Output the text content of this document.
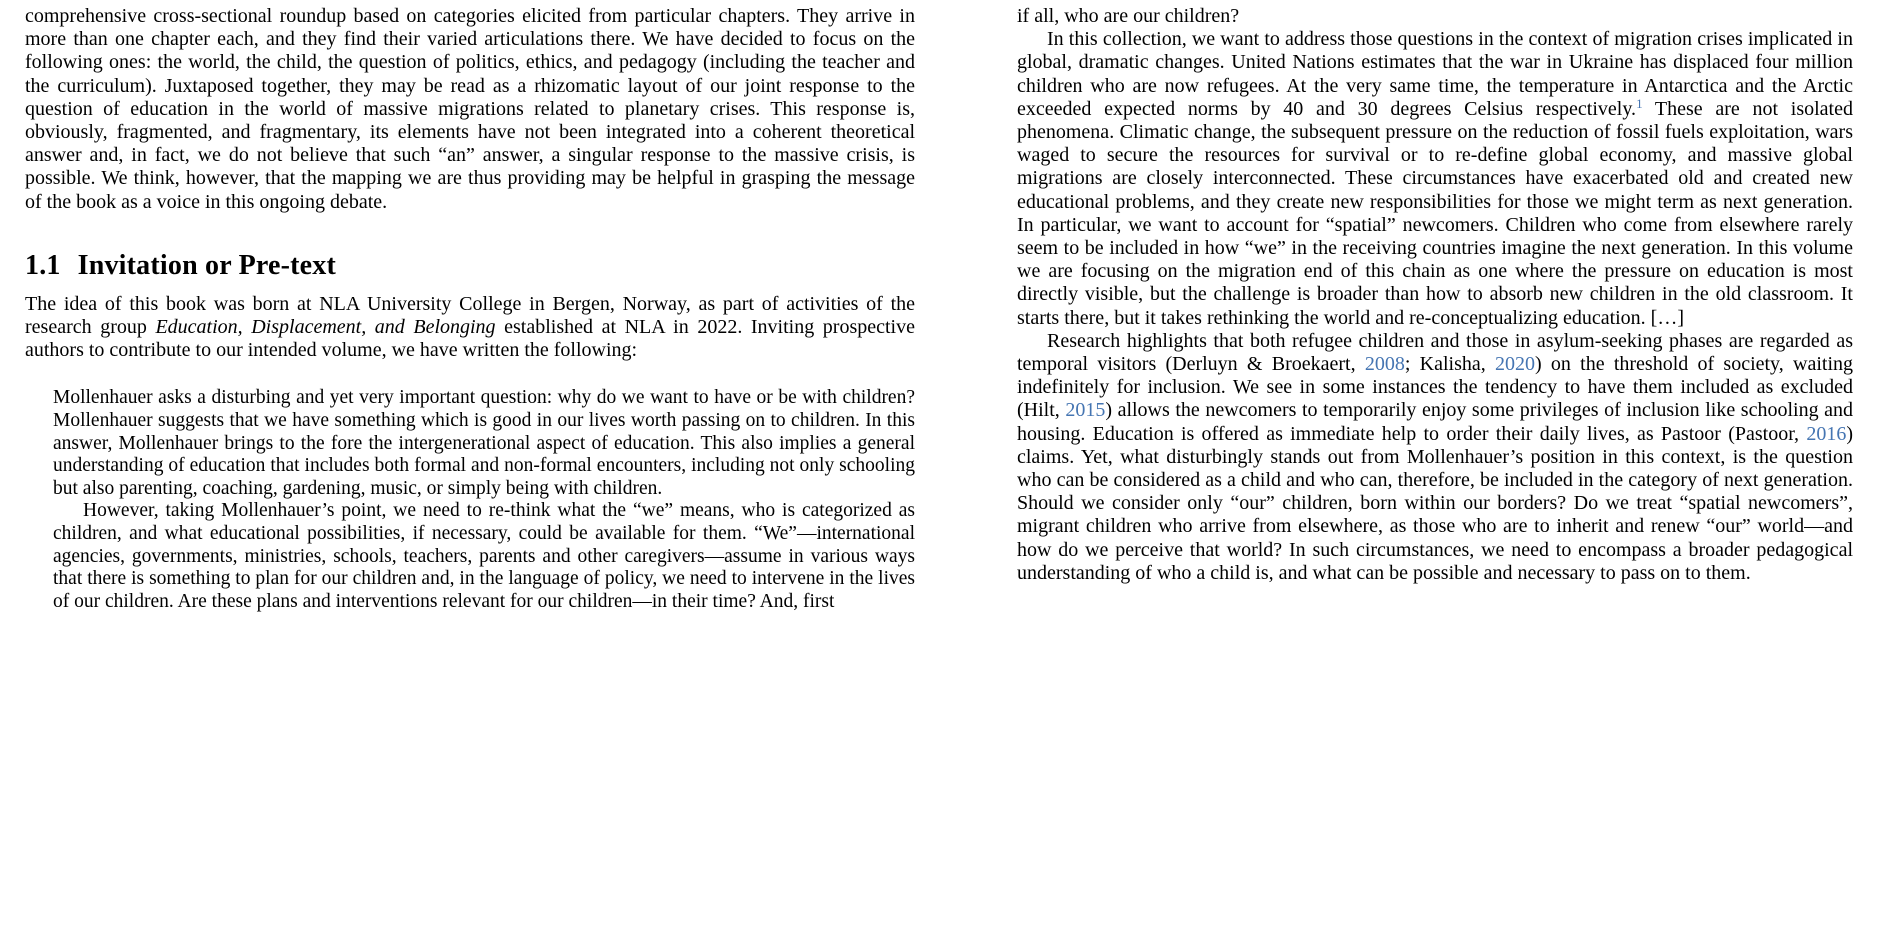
comprehensive cross-sectional roundup based on categories elicited from particular chapters. They arrive in more than one chapter each, and they find their varied articulations there. We have decided to focus on the following ones: the world, the child, the question of politics, ethics, and pedagogy (including the teacher and the curriculum). Juxtaposed together, they may be read as a rhizomatic layout of our joint response to the question of education in the world of massive migrations related to planetary crises. This response is, obviously, fragmented, and fragmentary, its elements have not been integrated into a coherent theoretical answer and, in fact, we do not believe that such “an” answer, a singular response to the massive crisis, is possible. We think, however, that the mapping we are thus providing may be helpful in grasping the message of the book as a voice in this ongoing debate.

1.1 Invitation or Pre-text

The idea of this book was born at NLA University College in Bergen, Norway, as part of activities of the research group Education, Displacement, and Belonging established at NLA in 2022. Inviting prospective authors to contribute to our intended volume, we have written the following:

Mollenhauer asks a disturbing and yet very important question: why do we want to have or be with children? Mollenhauer suggests that we have something which is good in our lives worth passing on to children. In this answer, Mollenhauer brings to the fore the intergenerational aspect of education. This also implies a general understanding of education that includes both formal and non-formal encounters, including not only schooling but also parenting, coaching, gardening, music, or simply being with children.

However, taking Mollenhauer’s point, we need to re-think what the “we” means, who is categorized as children, and what educational possibilities, if necessary, could be available for them. “We”—international agencies, governments, ministries, schools, teachers, parents and other caregivers—assume in various ways that there is something to plan for our children and, in the language of policy, we need to intervene in the lives of our children. Are these plans and interventions relevant for our children—in their time? And, first

if all, who are our children?

In this collection, we want to address those questions in the context of migration crises implicated in global, dramatic changes. United Nations estimates that the war in Ukraine has displaced four million children who are now refugees. At the very same time, the temperature in Antarctica and the Arctic exceeded expected norms by 40 and 30 degrees Celsius respectively.$^1$ These are not isolated phenomena. Climatic change, the subsequent pressure on the reduction of fossil fuels exploitation, wars waged to secure the resources for survival or to re-define global economy, and massive global migrations are closely interconnected. These circumstances have exacerbated old and created new educational problems, and they create new responsibilities for those we might term as next generation. In particular, we want to account for “spatial” newcomers. Children who come from elsewhere rarely seem to be included in how “we” in the receiving countries imagine the next generation. In this volume we are focusing on the migration end of this chain as one where the pressure on education is most directly visible, but the challenge is broader than how to absorb new children in the old classroom. It starts there, but it takes rethinking the world and re-conceptualizing education. […]

Research highlights that both refugee children and those in asylum-seeking phases are regarded as temporal visitors (Derluyn & Broekaert, 2008; Kalisha, 2020) on the threshold of society, waiting indefinitely for inclusion. We see in some instances the tendency to have them included as excluded (Hilt, 2015) allows the newcomers to temporarily enjoy some privileges of inclusion like schooling and housing. Education is offered as immediate help to order their daily lives, as Pastoor (Pastoor, 2016) claims. Yet, what disturbingly stands out from Mollenhauer’s position in this context, is the question who can be considered as a child and who can, therefore, be included in the category of next generation. Should we consider only “our” children, born within our borders? Do we treat “spatial newcomers”, migrant children who arrive from elsewhere, as those who are to inherit and renew “our” world—and how do we perceive that world? In such circumstances, we need to encompass a broader pedagogical understanding of who a child is, and what can be possible and necessary to pass on to them.
